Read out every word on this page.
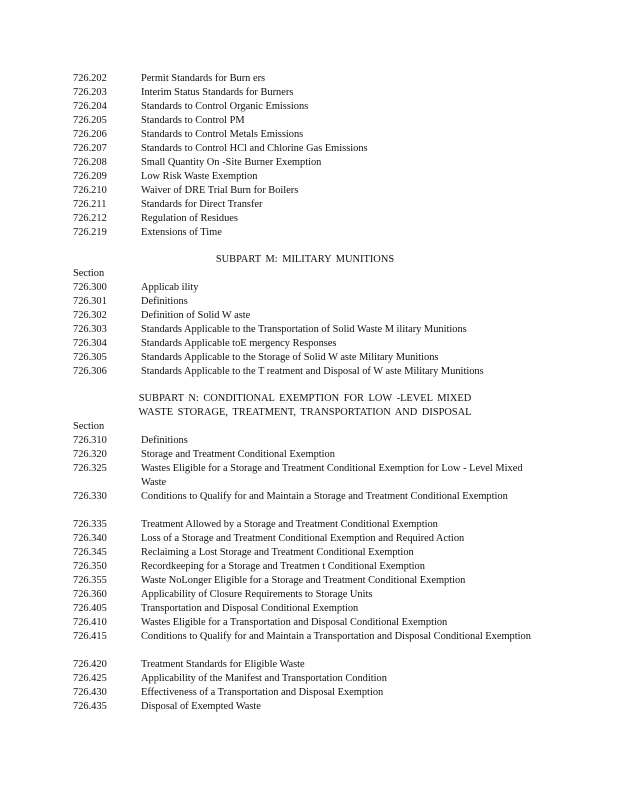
726.202	Permit Standards for Burn ers
726.203	Interim Status Standards for Burners
726.204	Standards to Control Organic Emissions
726.205	Standards to Control PM
726.206	Standards to Control Metals Emissions
726.207	Standards to Control HCl and Chlorine Gas Emissions
726.208	Small Quantity On -Site Burner Exemption
726.209	Low Risk Waste Exemption
726.210	Waiver of DRE Trial Burn for Boilers
726.211	Standards for Direct Transfer
726.212	Regulation of Residues
726.219	Extensions of Time
SUBPART M: MILITARY MUNITIONS
Section
726.300	Applicab ility
726.301	Definitions
726.302	Definition of Solid W aste
726.303	Standards Applicable to the Transportation of Solid Waste M ilitary Munitions
726.304	Standards Applicable toE mergency Responses
726.305	Standards Applicable to the Storage of Solid W aste Military Munitions
726.306	Standards Applicable to the T reatment and Disposal of W aste Military Munitions
SUBPART N: CONDITIONAL EXEMPTION FOR LOW -LEVEL MIXED
WASTE STORAGE, TREATMENT, TRANSPORTATION AND DISPOSAL
Section
726.310	Definitions
726.320	Storage and Treatment Conditional Exemption
726.325	Wastes Eligible for a Storage and Treatment Conditional Exemption for Low - Level Mixed Waste
726.330	Conditions to Qualify for and Maintain a Storage and Treatment Conditional Exemption
726.335	Treatment Allowed by a Storage and Treatment Conditional Exemption
726.340	Loss of a Storage and Treatment Conditional Exemption and Required Action
726.345	Reclaiming a Lost Storage and Treatment Conditional Exemption
726.350	Recordkeeping for a Storage and Treatmen t Conditional Exemption
726.355	Waste NoLonger Eligible for a Storage and Treatment Conditional Exemption
726.360	Applicability of Closure Requirements to Storage Units
726.405	Transportation and Disposal Conditional Exemption
726.410	Wastes Eligible for a Transportation and Disposal Conditional Exemption
726.415	Conditions to Qualify for and Maintain a Transportation and Disposal Conditional Exemption
726.420	Treatment Standards for Eligible Waste
726.425	Applicability of the Manifest and Transportation Condition
726.430	Effectiveness of a Transportation and Disposal Exemption
726.435	Disposal of Exempted Waste
